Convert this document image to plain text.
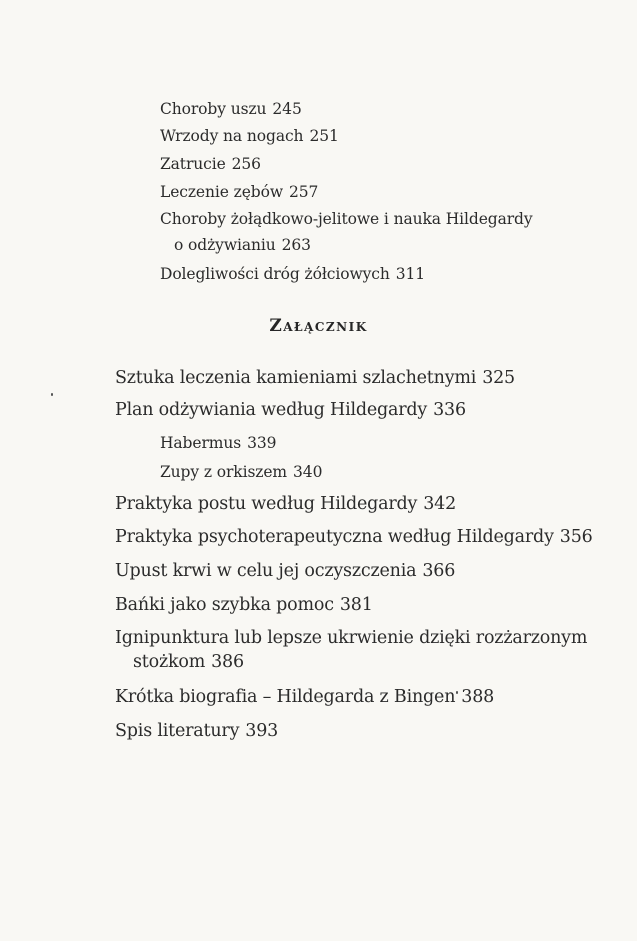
Choroby uszu 245

Wrzody na nogach 251

Zatrucie 256

Leczenie zębów 257

Choroby żołądkowo-jelitowe i nauka Hildegardy

o odżywianiu 263

Dolegliwości dróg żółciowych 311

Załącznik

Sztuka leczenia kamieniami szlachetnymi 325

Plan odżywiania według Hildegardy 336

Habermus 339

Zupy z orkiszem 340

Praktyka postu według Hildegardy 342

Praktyka psychoterapeutyczna według Hildegardy 356

Upust krwi w celu jej oczyszczenia 366

Bańki jako szybka pomoc 381

Ignipunktura lub lepsze ukrwienie dzięki rozżarzonym

stożkom 386

Krótka biografia – Hildegarda z Bingen 388

Spis literatury 393
